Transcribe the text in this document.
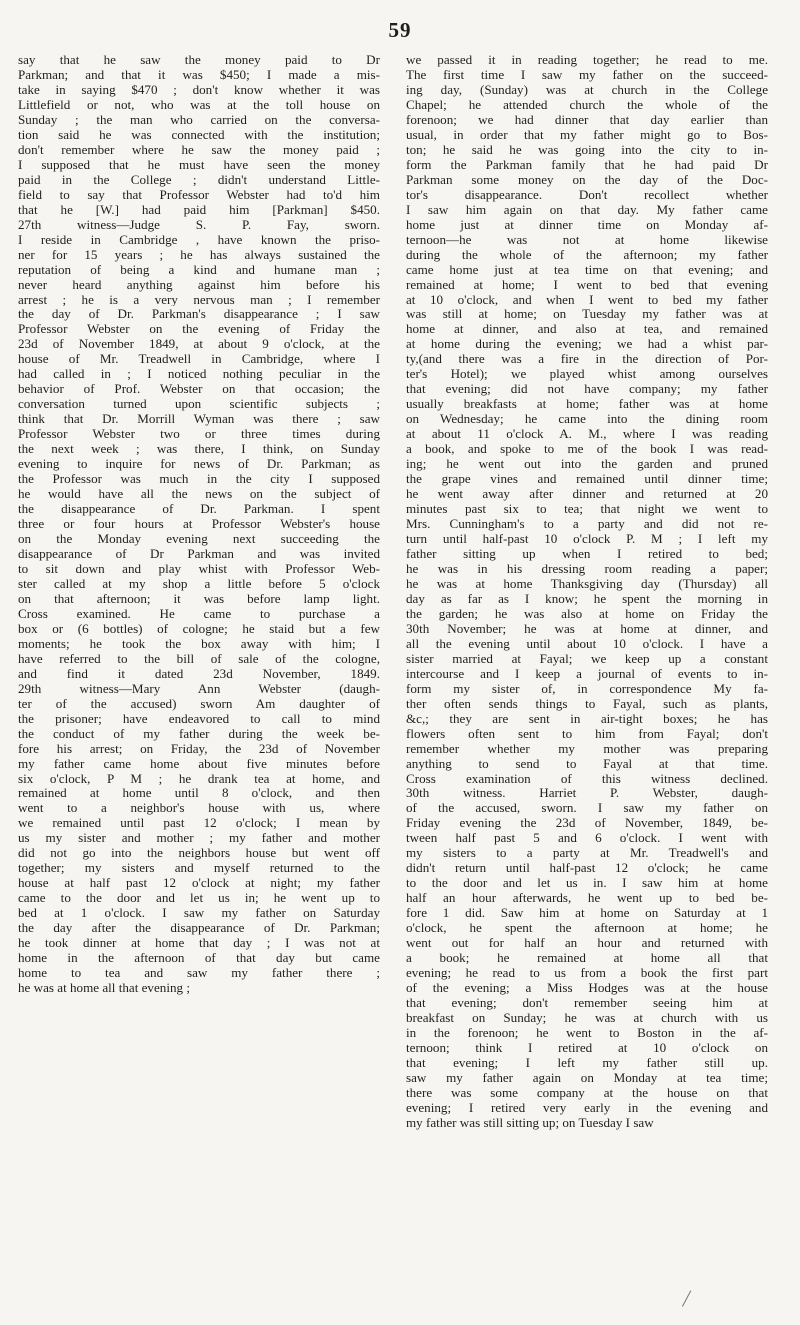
59
say that he saw the money paid to Dr
Parkman; and that it was $450; I made a mis-
take in saying $470 ; don't know whether it was
Littlefield or not, who was at the toll house on
Sunday ; the man who carried on the conversa-
tion said he was connected with the institution;
don't remember where he saw the money paid ;
I supposed that he must have seen the money
paid in the College ; didn't understand Little-
field to say that Professor Webster had to'd him
that he [W.] had paid him [Parkman] $450.
27th witness—Judge S. P. Fay, sworn.
I reside in Cambridge , have known the priso-
ner for 15 years ; he has always sustained the
reputation of being a kind and humane man ;
never heard anything against him before his
arrest ; he is a very nervous man ; I remember
the day of Dr. Parkman's disappearance ; I saw
Professor Webster on the evening of Friday the
23d of November 1849, at about 9 o'clock, at the
house of Mr. Treadwell in Cambridge, where I
had called in ; I noticed nothing peculiar in the
behavior of Prof. Webster on that occasion; the
conversation turned upon scientific subjects ;
think that Dr. Morrill Wyman was there ; saw
Professor Webster two or three times during
the next week ; was there, I think, on Sunday
evening to inquire for news of Dr. Parkman; as
the Professor was much in the city I supposed
he would have all the news on the subject of
the disappearance of Dr. Parkman. I spent
three or four hours at Professor Webster's house
on the Monday evening next succeeding the
disappearance of Dr Parkman and was invited
to sit down and play whist with Professor Web-
ster called at my shop a little before 5 o'clock
on that afternoon; it was before lamp light.
Cross examined. He came to purchase a
box or (6 bottles) of cologne; he staid but a few
moments; he took the box away with him; I
have referred to the bill of sale of the cologne,
and find it dated 23d November, 1849.
29th witness—Mary Ann Webster (daugh-
ter of the accused) sworn Am daughter of
the prisoner; have endeavored to call to mind
the conduct of my father during the week be-
fore his arrest; on Friday, the 23d of November
my father came home about five minutes before
six o'clock, P M ; he drank tea at home, and
remained at home until 8 o'clock, and then
went to a neighbor's house with us, where
we remained until past 12 o'clock; I mean by
us my sister and mother ; my father and mother
did not go into the neighbors house but went off
together; my sisters and myself returned to the
house at half past 12 o'clock at night; my father
came to the door and let us in; he went up to
bed at 1 o'clock. I saw my father on Saturday
the day after the disappearance of Dr. Parkman;
he took dinner at home that day ; I was not at
home in the afternoon of that day but came
home to tea and saw my father there ;
he was at home all that evening ;
we passed it in reading together; he read to me.
The first time I saw my father on the succeed-
ing day, (Sunday) was at church in the College
Chapel; he attended church the whole of the
forenoon; we had dinner that day earlier than
usual, in order that my father might go to Bos-
ton; he said he was going into the city to in-
form the Parkman family that he had paid Dr
Parkman some money on the day of the Doc-
tor's disappearance. Don't recollect whether
I saw him again on that day. My father came
home just at dinner time on Monday af-
ternoon—he was not at home likewise
during the whole of the afternoon; my father
came home just at tea time on that evening; and
remained at home; I went to bed that evening
at 10 o'clock, and when I went to bed my father
was still at home; on Tuesday my father was at
home at dinner, and also at tea, and remained
at home during the evening; we had a whist par-
ty,(and there was a fire in the direction of Por-
ter's Hotel); we played whist among ourselves
that evening; did not have company; my father
usually breakfasts at home; father was at home
on Wednesday; he came into the dining room
at about 11 o'clock A. M., where I was reading
a book, and spoke to me of the book I was read-
ing; he went out into the garden and pruned
the grape vines and remained until dinner time;
he went away after dinner and returned at 20
minutes past six to tea; that night we went to
Mrs. Cunningham's to a party and did not re-
turn until half-past 10 o'clock P. M ; I left my
father sitting up when I retired to bed;
he was in his dressing room reading a paper;
he was at home Thanksgiving day (Thursday) all
day as far as I know; he spent the morning in
the garden; he was also at home on Friday the
30th November; he was at home at dinner, and
all the evening until about 10 o'clock. I have a
sister married at Fayal; we keep up a constant
intercourse and I keep a journal of events to in-
form my sister of, in correspondence My fa-
ther often sends things to Fayal, such as plants,
&c,; they are sent in air-tight boxes; he has
flowers often sent to him from Fayal; don't
remember whether my mother was preparing
anything to send to Fayal at that time.
Cross examination of this witness declined.
30th witness. Harriet P. Webster, daugh-
of the accused, sworn. I saw my father on
Friday evening the 23d of November, 1849, be-
tween half past 5 and 6 o'clock. I went with
my sisters to a party at Mr. Treadwell's and
didn't return until half-past 12 o'clock; he came
to the door and let us in. I saw him at home
half an hour afterwards, he went up to bed be-
fore 1 did. Saw him at home on Saturday at 1
o'clock, he spent the afternoon at home; he
went out for half an hour and returned with
a book; he remained at home all that
evening; he read to us from a book the first part
of the evening; a Miss Hodges was at the house
that evening; don't remember seeing him at
breakfast on Sunday; he was at church with us
in the forenoon; he went to Boston in the af-
ternoon; think I retired at 10 o'clock on
that evening; I left my father still up.
saw my father again on Monday at tea time;
there was some company at the house on that
evening; I retired very early in the evening and
my father was still sitting up; on Tuesday I saw
